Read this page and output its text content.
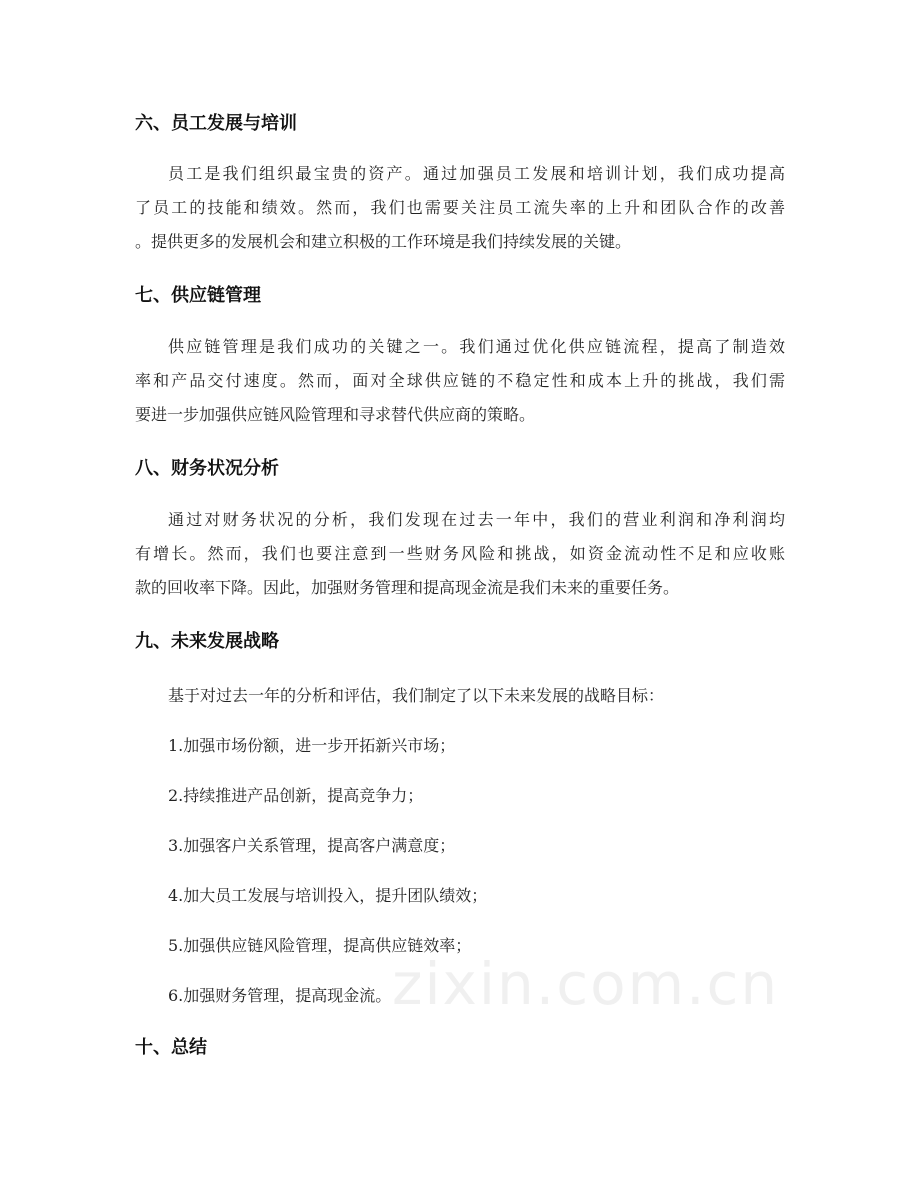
六、员工发展与培训
员工是我们组织最宝贵的资产。通过加强员工发展和培训计划，我们成功提高
了员工的技能和绩效。然而，我们也需要关注员工流失率的上升和团队合作的改善
。提供更多的发展机会和建立积极的工作环境是我们持续发展的关键。
七、供应链管理
供应链管理是我们成功的关键之一。我们通过优化供应链流程，提高了制造效
率和产品交付速度。然而，面对全球供应链的不稳定性和成本上升的挑战，我们需
要进一步加强供应链风险管理和寻求替代供应商的策略。
八、财务状况分析
通过对财务状况的分析，我们发现在过去一年中，我们的营业利润和净利润均
有增长。然而，我们也要注意到一些财务风险和挑战，如资金流动性不足和应收账
款的回收率下降。因此，加强财务管理和提高现金流是我们未来的重要任务。
九、未来发展战略
基于对过去一年的分析和评估，我们制定了以下未来发展的战略目标：
1.加强市场份额，进一步开拓新兴市场；
2.持续推进产品创新，提高竞争力；
3.加强客户关系管理，提高客户满意度；
4.加大员工发展与培训投入，提升团队绩效；
5.加强供应链风险管理，提高供应链效率；
6.加强财务管理，提高现金流。
十、总结
zixin.com.cn
